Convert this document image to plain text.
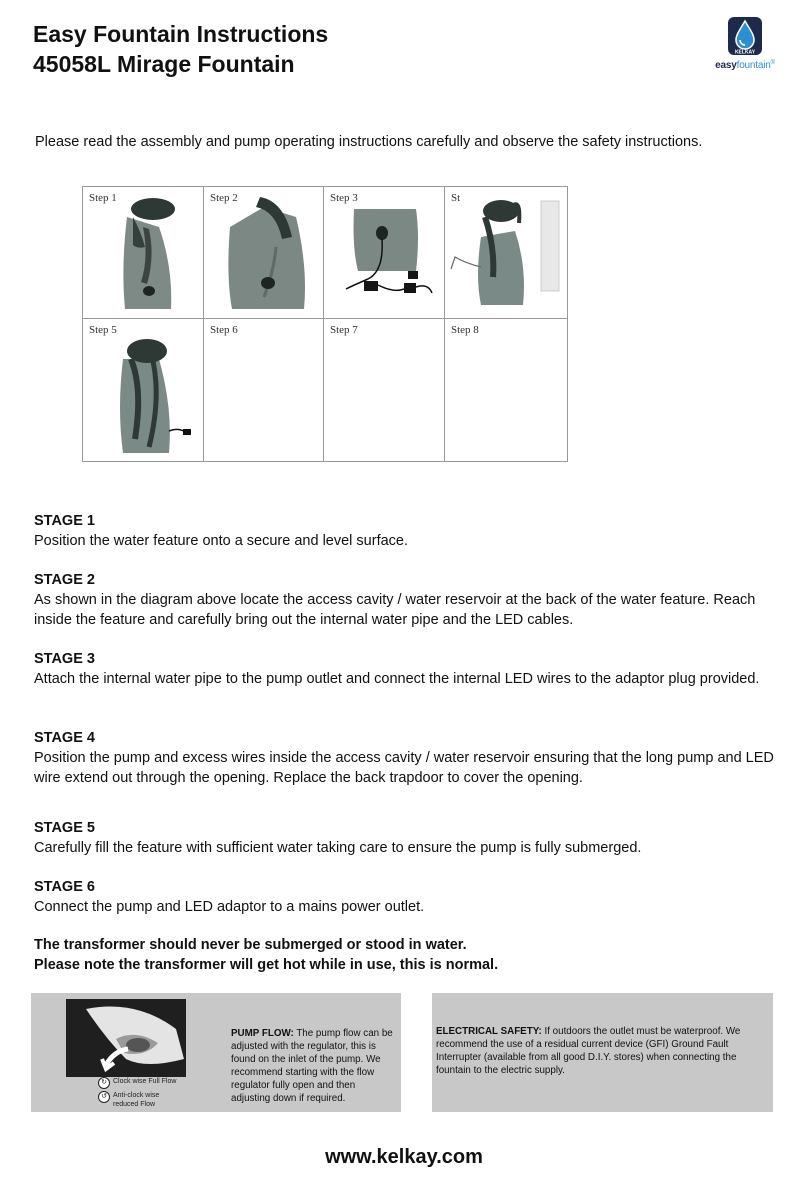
Easy Fountain Instructions
45058L Mirage Fountain	KELKAY
easyfountain®
Please read the assembly and pump operating instructions carefully and observe the safety instructions.
Step 1	Step 2	Step 3	St
Step 5	Step 6	Step 7	Step 8
STAGE 1
Position the water feature onto a secure and level surface.
STAGE 2
As shown in the diagram above locate the access cavity / water reservoir at the back of the water feature. Reach inside the feature and carefully bring out the internal water pipe and the LED cables.
STAGE 3
Attach the internal water pipe to the pump outlet and connect the internal LED wires to the adaptor plug provided.
STAGE 4
Position the pump and excess wires inside the access cavity / water reservoir ensuring that the long pump and LED wire extend out through the opening. Replace the back trapdoor to cover the opening.
STAGE 5
Carefully fill the feature with sufficient water taking care to ensure the pump is fully submerged.
STAGE 6
Connect the pump and LED adaptor to a mains power outlet.
The transformer should never be submerged or stood in water.
Please note the transformer will get hot while in use, this is normal.
↻ Clock wise Full Flow
↺ Anti-clock wise reduced Flow
PUMP FLOW: The pump flow can be adjusted with the regulator, this is found on the inlet of the pump. We recommend starting with the flow regulator fully open and then adjusting down if required.
ELECTRICAL SAFETY: If outdoors the outlet must be waterproof. We recommend the use of a residual current device (GFI) Ground Fault Interrupter (available from all good D.I.Y. stores) when connecting the fountain to the electric supply.
www.kelkay.com
